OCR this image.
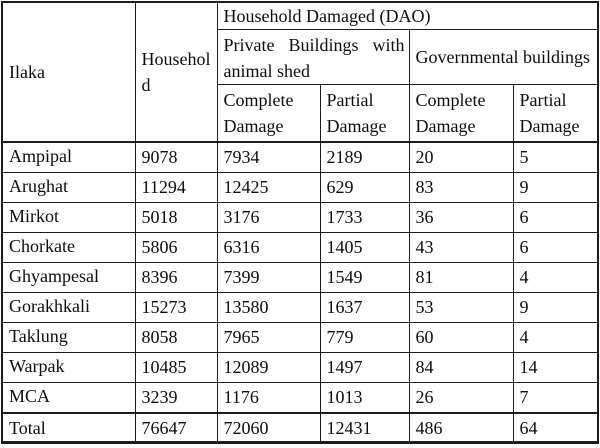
Ilaka	Household	Household Damaged (DAO)			
		Private Buildings with animal shed		Governmental buildings	
		Complete Damage	Partial Damage	Complete Damage	Partial Damage
Ampipal	9078	7934	2189	20	5
Arughat	11294	12425	629	83	9
Mirkot	5018	3176	1733	36	6
Chorkate	5806	6316	1405	43	6
Ghyampesal	8396	7399	1549	81	4
Gorakhkali	15273	13580	1637	53	9
Taklung	8058	7965	779	60	4
Warpak	10485	12089	1497	84	14
MCA	3239	1176	1013	26	7
Total	76647	72060	12431	486	64
